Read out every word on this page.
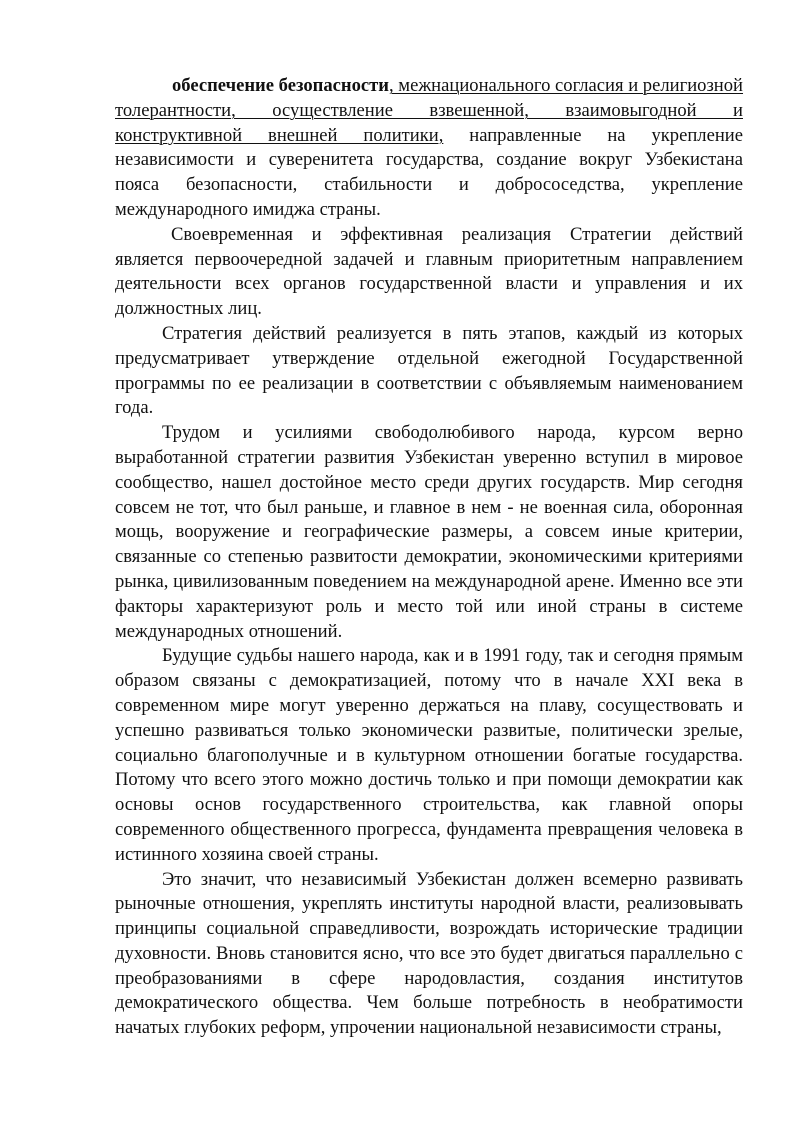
обеспечение безопасности, межнационального согласия и религиозной толерантности, осуществление взвешенной, взаимовыгодной и конструктивной внешней политики, направленные на укрепление независимости и суверенитета государства, создание вокруг Узбекистана пояса безопасности, стабильности и добрососедства, укрепление международного имиджа страны.

Своевременная и эффективная реализация Стратегии действий является первоочередной задачей и главным приоритетным направлением деятельности всех органов государственной власти и управления и их должностных лиц.

Стратегия действий реализуется в пять этапов, каждый из которых предусматривает утверждение отдельной ежегодной Государственной программы по ее реализации в соответствии с объявляемым наименованием года.

Трудом и усилиями свободолюбивого народа, курсом верно выработанной стратегии развития Узбекистан уверенно вступил в мировое сообщество, нашел достойное место среди других государств. Мир сегодня совсем не тот, что был раньше, и главное в нем - не военная сила, оборонная мощь, вооружение и географические размеры, а совсем иные критерии, связанные со степенью развитости демократии, экономическими критериями рынка, цивилизованным поведением на международной арене. Именно все эти факторы характеризуют роль и место той или иной страны в системе международных отношений.

Будущие судьбы нашего народа, как и в 1991 году, так и сегодня прямым образом связаны с демократизацией, потому что в начале XXI века в современном мире могут уверенно держаться на плаву, сосуществовать и успешно развиваться только экономически развитые, политически зрелые, социально благополучные и в культурном отношении богатые государства. Потому что всего этого можно достичь только и при помощи демократии как основы основ государственного строительства, как главной опоры современного общественного прогресса, фундамента превращения человека в истинного хозяина своей страны.

Это значит, что независимый Узбекистан должен всемерно развивать рыночные отношения, укреплять институты народной власти, реализовывать принципы социальной справедливости, возрождать исторические традиции духовности. Вновь становится ясно, что все это будет двигаться параллельно с преобразованиями в сфере народовластия, создания институтов демократического общества. Чем больше потребность в необратимости начатых глубоких реформ, упрочении национальной независимости страны,
